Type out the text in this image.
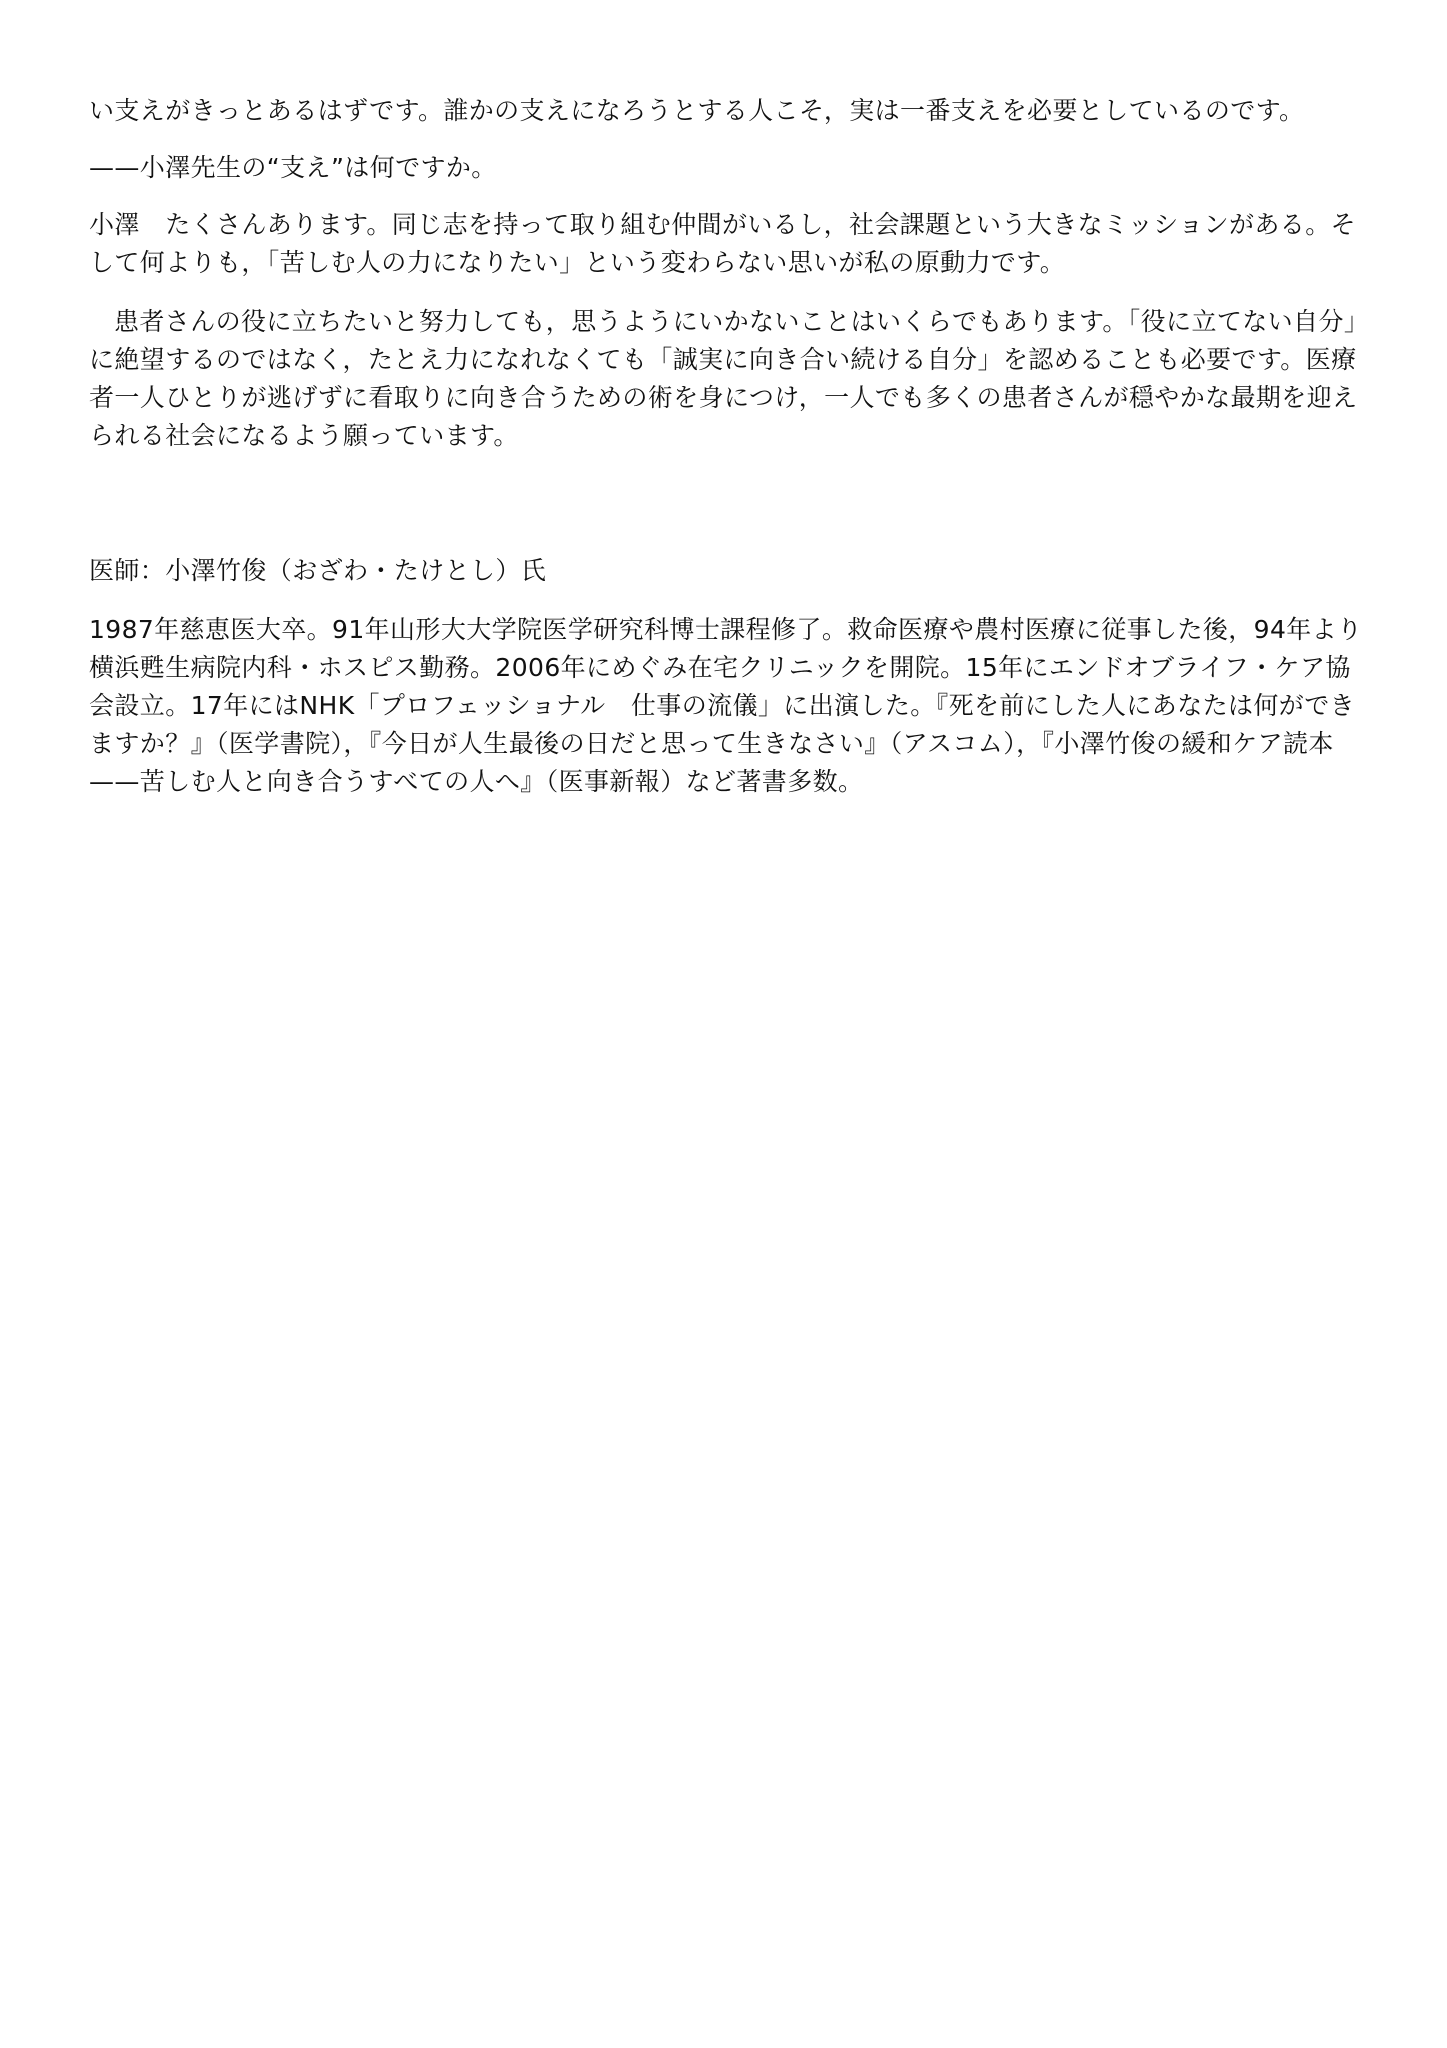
い支えがきっとあるはずです。誰かの支えになろうとする人こそ，実は一番支えを必要としているのです。

——小澤先生の“支え”は何ですか。

小澤　たくさんあります。同じ志を持って取り組む仲間がいるし，社会課題という大きなミッションがある。そして何よりも，「苦しむ人の力になりたい」という変わらない思いが私の原動力です。

患者さんの役に立ちたいと努力しても，思うようにいかないことはいくらでもあります。「役に立てない自分」に絶望するのではなく，たとえ力になれなくても「誠実に向き合い続ける自分」を認めることも必要です。医療者一人ひとりが逃げずに看取りに向き合うための術を身につけ，一人でも多くの患者さんが穏やかな最期を迎えられる社会になるよう願っています。

医師：小澤竹俊（おざわ・たけとし）氏

1987年慈恵医大卒。91年山形大大学院医学研究科博士課程修了。救命医療や農村医療に従事した後，94年より横浜甦生病院内科・ホスピス勤務。2006年にめぐみ在宅クリニックを開院。15年にエンドオブライフ・ケア協会設立。17年にはNHK「プロフェッショナル　仕事の流儀」に出演した。『死を前にした人にあなたは何ができますか？』（医学書院），『今日が人生最後の日だと思って生きなさい』（アスコム），『小澤竹俊の緩和ケア読本——苦しむ人と向き合うすべての人へ』（医事新報）など著書多数。
